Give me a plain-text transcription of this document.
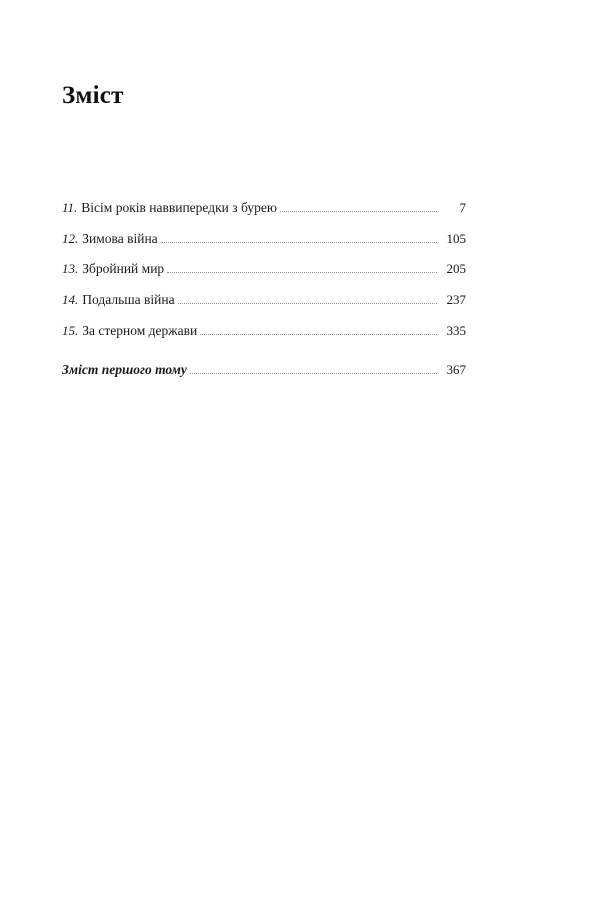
Зміст
11. Вісім років наввипередки з бурею	7
12. Зимова війна	105
13. Збройний мир	205
14. Подальша війна	237
15. За стерном держави	335
Зміст першого тому	367
